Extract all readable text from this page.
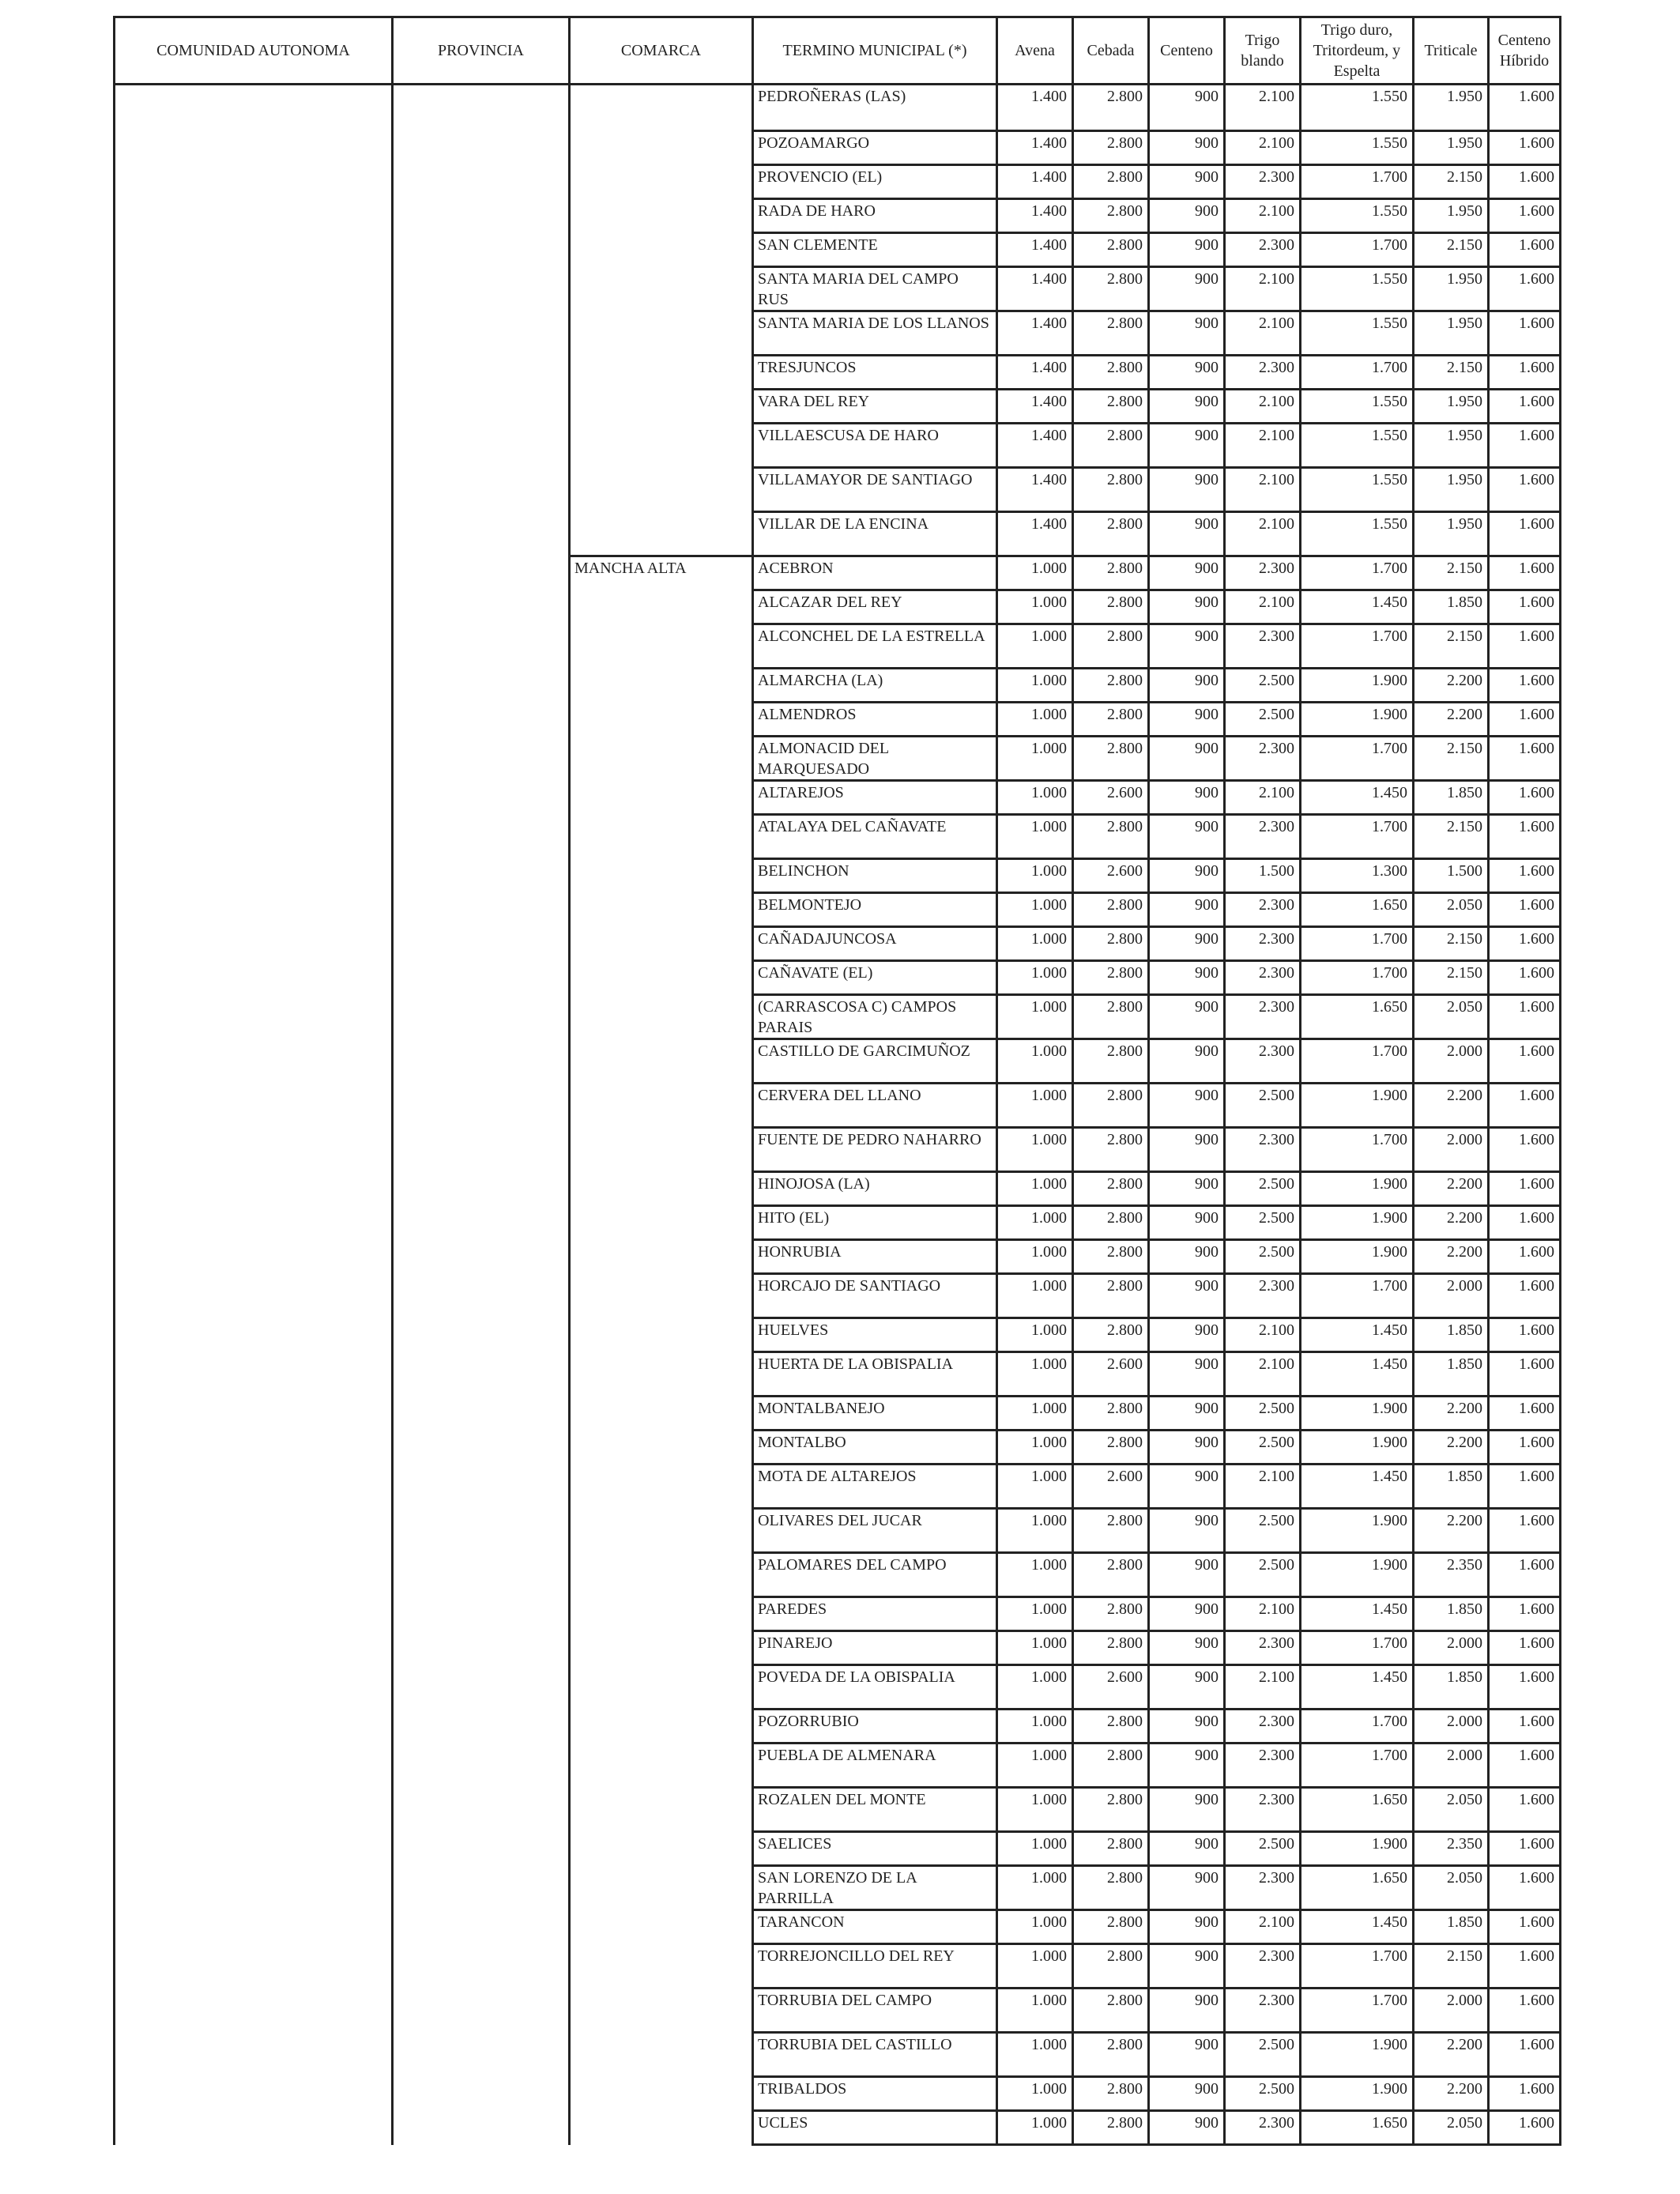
COMUNIDAD AUTONOMA	PROVINCIA	COMARCA	TERMINO MUNICIPAL (*)	Avena	Cebada	Centeno	Trigo blando	Trigo duro, Tritordeum, y Espelta	Triticale	Centeno Híbrido
			PEDROÑERAS (LAS)	1.400	2.800	900	2.100	1.550	1.950	1.600
			POZOAMARGO	1.400	2.800	900	2.100	1.550	1.950	1.600
			PROVENCIO (EL)	1.400	2.800	900	2.300	1.700	2.150	1.600
			RADA DE HARO	1.400	2.800	900	2.100	1.550	1.950	1.600
			SAN CLEMENTE	1.400	2.800	900	2.300	1.700	2.150	1.600
			SANTA MARIA DEL CAMPO RUS	1.400	2.800	900	2.100	1.550	1.950	1.600
			SANTA MARIA DE LOS LLANOS	1.400	2.800	900	2.100	1.550	1.950	1.600
			TRESJUNCOS	1.400	2.800	900	2.300	1.700	2.150	1.600
			VARA DEL REY	1.400	2.800	900	2.100	1.550	1.950	1.600
			VILLAESCUSA DE HARO	1.400	2.800	900	2.100	1.550	1.950	1.600
			VILLAMAYOR DE SANTIAGO	1.400	2.800	900	2.100	1.550	1.950	1.600
			VILLAR DE LA ENCINA	1.400	2.800	900	2.100	1.550	1.950	1.600
		MANCHA ALTA	ACEBRON	1.000	2.800	900	2.300	1.700	2.150	1.600
			ALCAZAR DEL REY	1.000	2.800	900	2.100	1.450	1.850	1.600
			ALCONCHEL DE LA ESTRELLA	1.000	2.800	900	2.300	1.700	2.150	1.600
			ALMARCHA (LA)	1.000	2.800	900	2.500	1.900	2.200	1.600
			ALMENDROS	1.000	2.800	900	2.500	1.900	2.200	1.600
			ALMONACID DEL MARQUESADO	1.000	2.800	900	2.300	1.700	2.150	1.600
			ALTAREJOS	1.000	2.600	900	2.100	1.450	1.850	1.600
			ATALAYA DEL CAÑAVATE	1.000	2.800	900	2.300	1.700	2.150	1.600
			BELINCHON	1.000	2.600	900	1.500	1.300	1.500	1.600
			BELMONTEJO	1.000	2.800	900	2.300	1.650	2.050	1.600
			CAÑADAJUNCOSA	1.000	2.800	900	2.300	1.700	2.150	1.600
			CAÑAVATE (EL)	1.000	2.800	900	2.300	1.700	2.150	1.600
			(CARRASCOSA C) CAMPOS PARAIS	1.000	2.800	900	2.300	1.650	2.050	1.600
			CASTILLO DE GARCIMUÑOZ	1.000	2.800	900	2.300	1.700	2.000	1.600
			CERVERA DEL LLANO	1.000	2.800	900	2.500	1.900	2.200	1.600
			FUENTE DE PEDRO NAHARRO	1.000	2.800	900	2.300	1.700	2.000	1.600
			HINOJOSA (LA)	1.000	2.800	900	2.500	1.900	2.200	1.600
			HITO (EL)	1.000	2.800	900	2.500	1.900	2.200	1.600
			HONRUBIA	1.000	2.800	900	2.500	1.900	2.200	1.600
			HORCAJO DE SANTIAGO	1.000	2.800	900	2.300	1.700	2.000	1.600
			HUELVES	1.000	2.800	900	2.100	1.450	1.850	1.600
			HUERTA DE LA OBISPALIA	1.000	2.600	900	2.100	1.450	1.850	1.600
			MONTALBANEJO	1.000	2.800	900	2.500	1.900	2.200	1.600
			MONTALBO	1.000	2.800	900	2.500	1.900	2.200	1.600
			MOTA DE ALTAREJOS	1.000	2.600	900	2.100	1.450	1.850	1.600
			OLIVARES DEL JUCAR	1.000	2.800	900	2.500	1.900	2.200	1.600
			PALOMARES DEL CAMPO	1.000	2.800	900	2.500	1.900	2.350	1.600
			PAREDES	1.000	2.800	900	2.100	1.450	1.850	1.600
			PINAREJO	1.000	2.800	900	2.300	1.700	2.000	1.600
			POVEDA DE LA OBISPALIA	1.000	2.600	900	2.100	1.450	1.850	1.600
			POZORRUBIO	1.000	2.800	900	2.300	1.700	2.000	1.600
			PUEBLA DE ALMENARA	1.000	2.800	900	2.300	1.700	2.000	1.600
			ROZALEN DEL MONTE	1.000	2.800	900	2.300	1.650	2.050	1.600
			SAELICES	1.000	2.800	900	2.500	1.900	2.350	1.600
			SAN LORENZO DE LA PARRILLA	1.000	2.800	900	2.300	1.650	2.050	1.600
			TARANCON	1.000	2.800	900	2.100	1.450	1.850	1.600
			TORREJONCILLO DEL REY	1.000	2.800	900	2.300	1.700	2.150	1.600
			TORRUBIA DEL CAMPO	1.000	2.800	900	2.300	1.700	2.000	1.600
			TORRUBIA DEL CASTILLO	1.000	2.800	900	2.500	1.900	2.200	1.600
			TRIBALDOS	1.000	2.800	900	2.500	1.900	2.200	1.600
			UCLES	1.000	2.800	900	2.300	1.650	2.050	1.600
